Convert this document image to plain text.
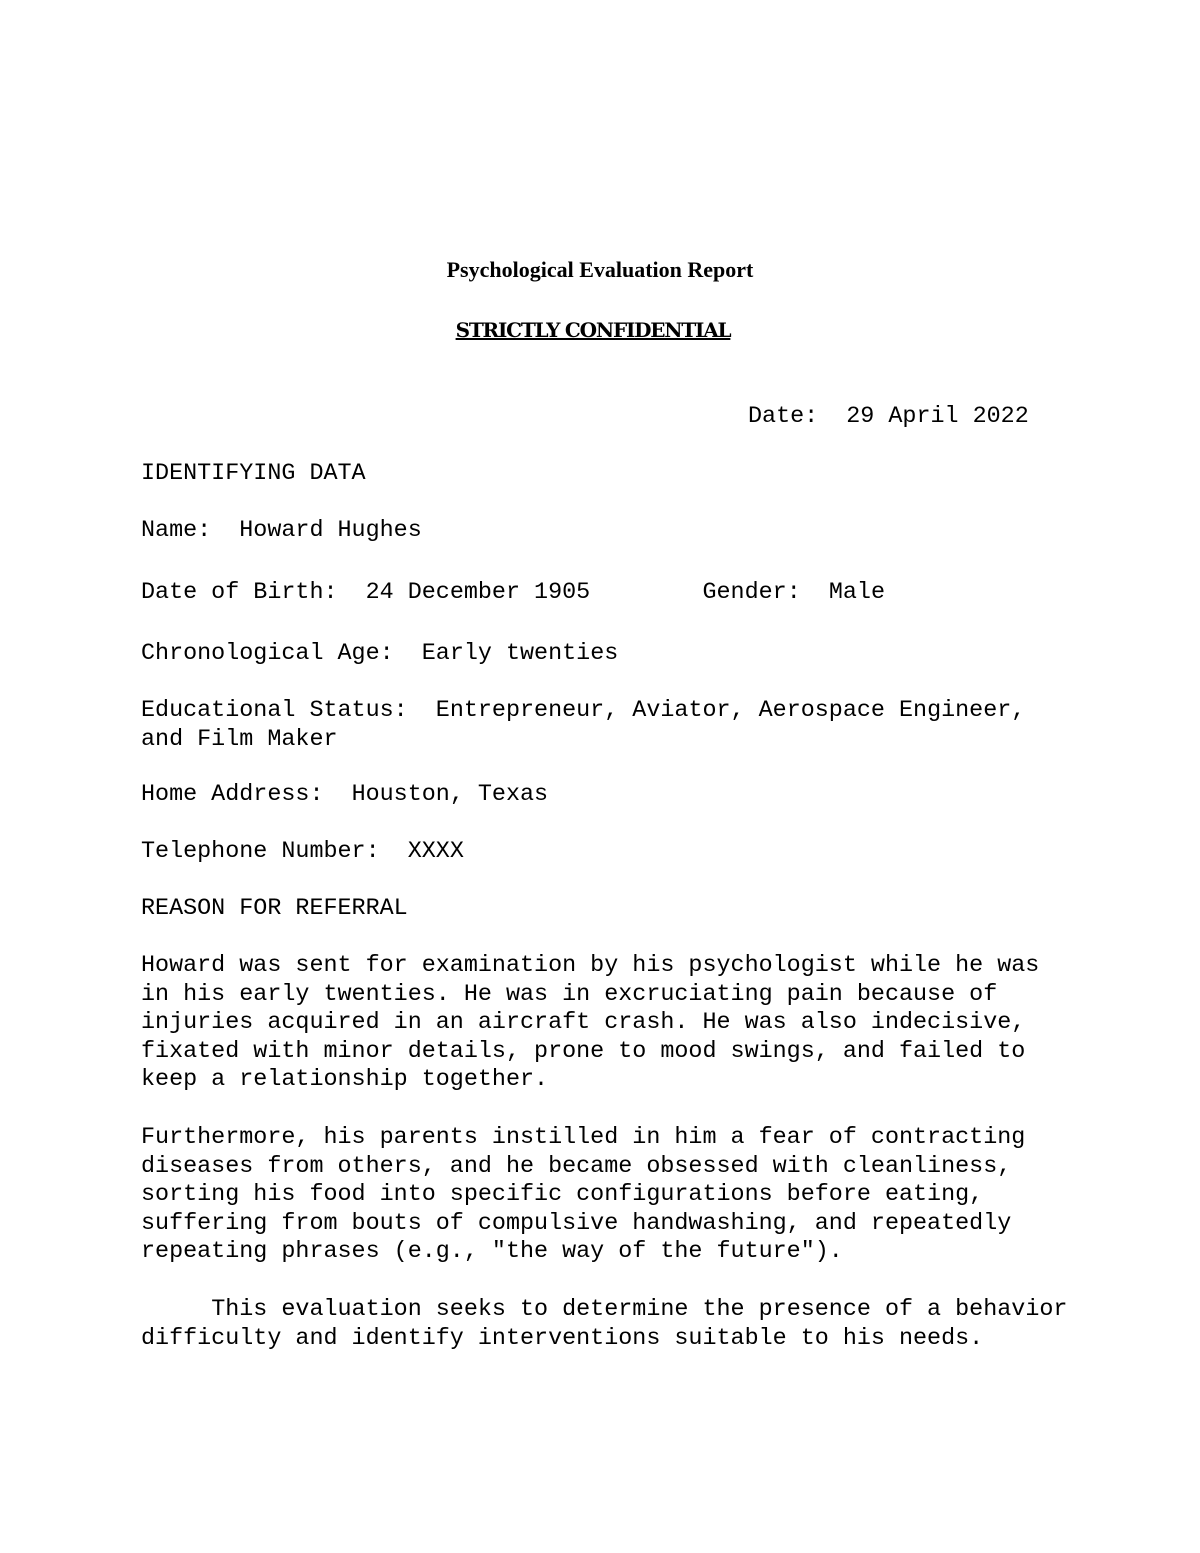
Psychological Evaluation Report
STRICTLY CONFIDENTIAL
Date: 29 April 2022
IDENTIFYING DATA
Name: Howard Hughes
Date of Birth: 24 December 1905	Gender: Male
Chronological Age: Early twenties
Educational Status: Entrepreneur, Aviator, Aerospace Engineer,
and Film Maker
Home Address: Houston, Texas
Telephone Number: XXXX
REASON FOR REFERRAL
Howard was sent for examination by his psychologist while he was
in his early twenties. He was in excruciating pain because of
injuries acquired in an aircraft crash. He was also indecisive,
fixated with minor details, prone to mood swings, and failed to
keep a relationship together.
Furthermore, his parents instilled in him a fear of contracting
diseases from others, and he became obsessed with cleanliness,
sorting his food into specific configurations before eating,
suffering from bouts of compulsive handwashing, and repeatedly
repeating phrases (e.g., "the way of the future").
This evaluation seeks to determine the presence of a behavior
difficulty and identify interventions suitable to his needs.
